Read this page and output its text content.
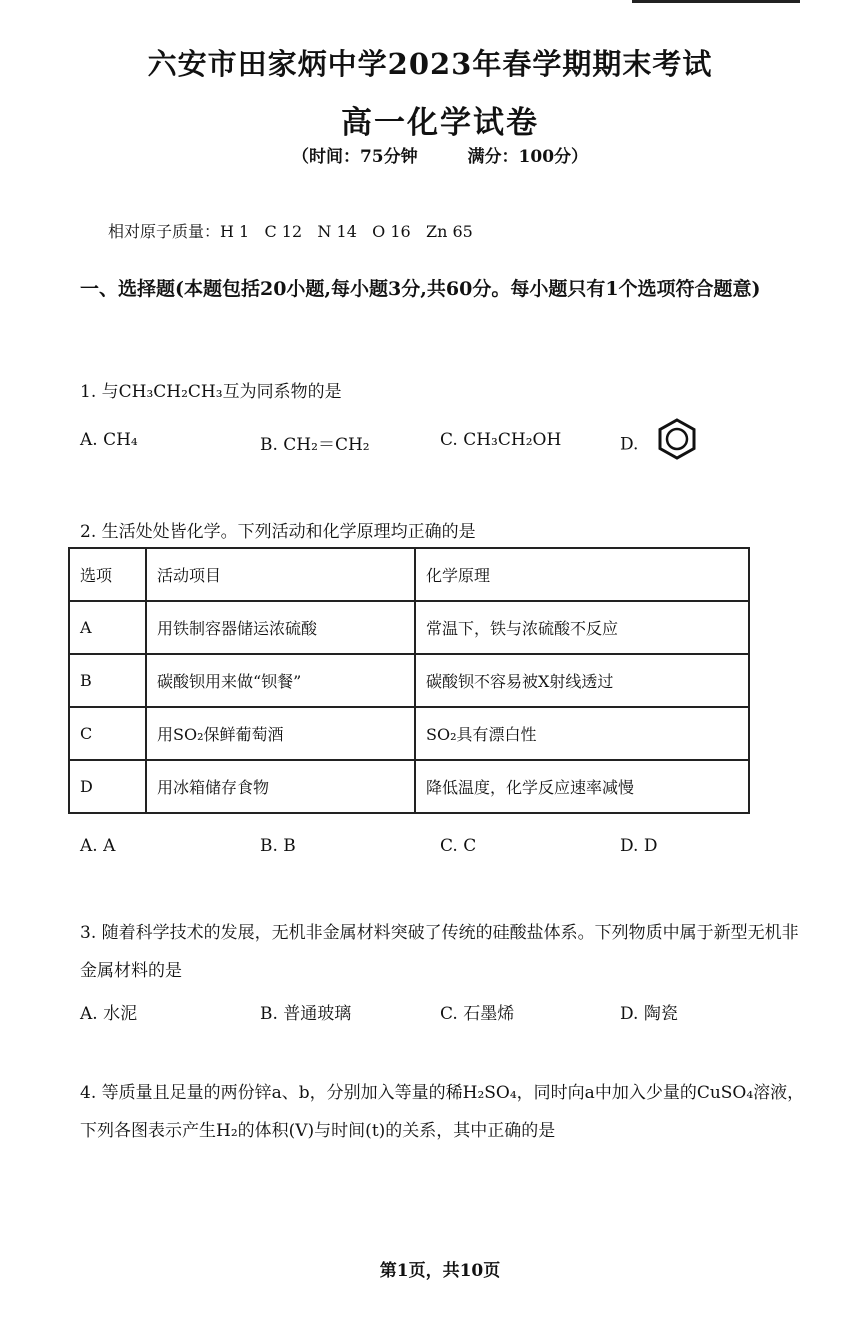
六安市田家炳中学2023年春学期期末考试
高一化学试卷
（时间：75分钟	满分：100分）
相对原子质量：H 1   C 12   N 14   O 16   Zn 65
一、选择题(本题包括20小题,每小题3分,共60分。每小题只有1个选项符合题意)
1. 与CH₃CH₂CH₃互为同系物的是
A. CH₄	B. CH₂＝CH₂	C. CH₃CH₂OH	D.
2. 生活处处皆化学。下列活动和化学原理均正确的是
选项	活动项目	化学原理
A	用铁制容器储运浓硫酸	常温下，铁与浓硫酸不反应
B	碳酸钡用来做“钡餐”	碳酸钡不容易被X射线透过
C	用SO₂保鲜葡萄酒	SO₂具有漂白性
D	用冰箱储存食物	降低温度，化学反应速率减慢
A. A	B. B	C. C	D. D
3. 随着科学技术的发展，无机非金属材料突破了传统的硅酸盐体系。下列物质中属于新型无机非金属材料的是
A. 水泥	B. 普通玻璃	C. 石墨烯	D. 陶瓷
4. 等质量且足量的两份锌a、b，分别加入等量的稀H₂SO₄，同时向a中加入少量的CuSO₄溶液，下列各图表示产生H₂的体积(V)与时间(t)的关系，其中正确的是
第1页，共10页
